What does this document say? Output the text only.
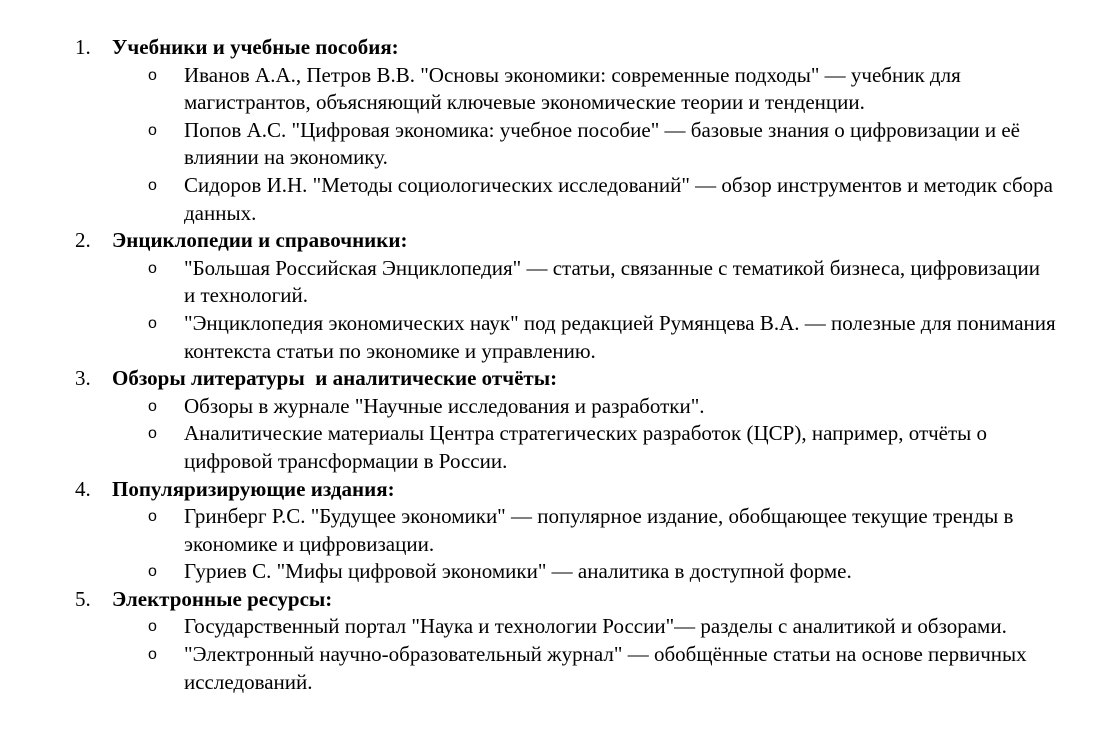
1. Учебники и учебные пособия:
o Иванов А.А., Петров В.В. "Основы экономики: современные подходы" — учебник для магистрантов, объясняющий ключевые экономические теории и тенденции.
o Попов А.С. "Цифровая экономика: учебное пособие" — базовые знания о цифровизации и её влиянии на экономику.
o Сидоров И.Н. "Методы социологических исследований" — обзор инструментов и методик сбора данных.
2. Энциклопедии и справочники:
o "Большая Российская Энциклопедия" — статьи, связанные с тематикой бизнеса, цифровизации и технологий.
o "Энциклопедия экономических наук" под редакцией Румянцева В.А. — полезные для понимания контекста статьи по экономике и управлению.
3. Обзоры литературы  и аналитические отчёты:
o Обзоры в журнале "Научные исследования и разработки".
o Аналитические материалы Центра стратегических разработок (ЦСР), например, отчёты о цифровой трансформации в России.
4. Популяризирующие издания:
o Гринберг Р.С. "Будущее экономики" — популярное издание, обобщающее текущие тренды в экономике и цифровизации.
o Гуриев С. "Мифы цифровой экономики" — аналитика в доступной форме.
5. Электронные ресурсы:
o Государственный портал "Наука и технологии России"— разделы с аналитикой и обзорами.
o "Электронный научно-образовательный журнал" — обобщённые статьи на основе первичных исследований.
